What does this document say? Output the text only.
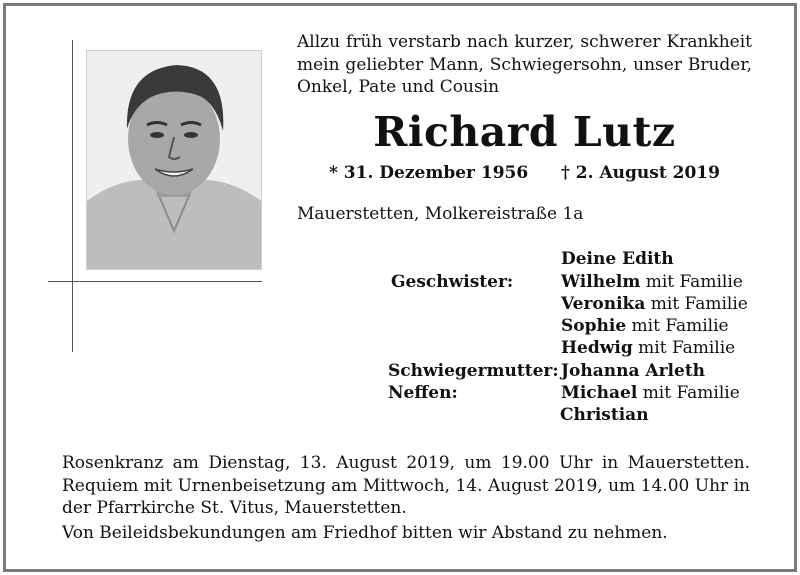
Allzu früh verstarb nach kurzer, schwerer Krankheit mein geliebter Mann, Schwiegersohn, unser Bruder, Onkel, Pate und Cousin
Richard Lutz
* 31. Dezember 1956 † 2. August 2019
Mauerstetten, Molkereistraße 1a
Deine Edith
Geschwister:	Wilhelm mit Familie
Veronika mit Familie
Sophie mit Familie
Hedwig mit Familie
Schwiegermutter: Johanna Arleth
Neffen:	Michael mit Familie
Christian
Rosenkranz am Dienstag, 13. August 2019, um 19.00 Uhr in Mauerstetten. Requiem mit Urnenbeisetzung am Mittwoch, 14. August 2019, um 14.00 Uhr in der Pfarrkirche St. Vitus, Mauerstetten.
Von Beileidsbekundungen am Friedhof bitten wir Abstand zu nehmen.
